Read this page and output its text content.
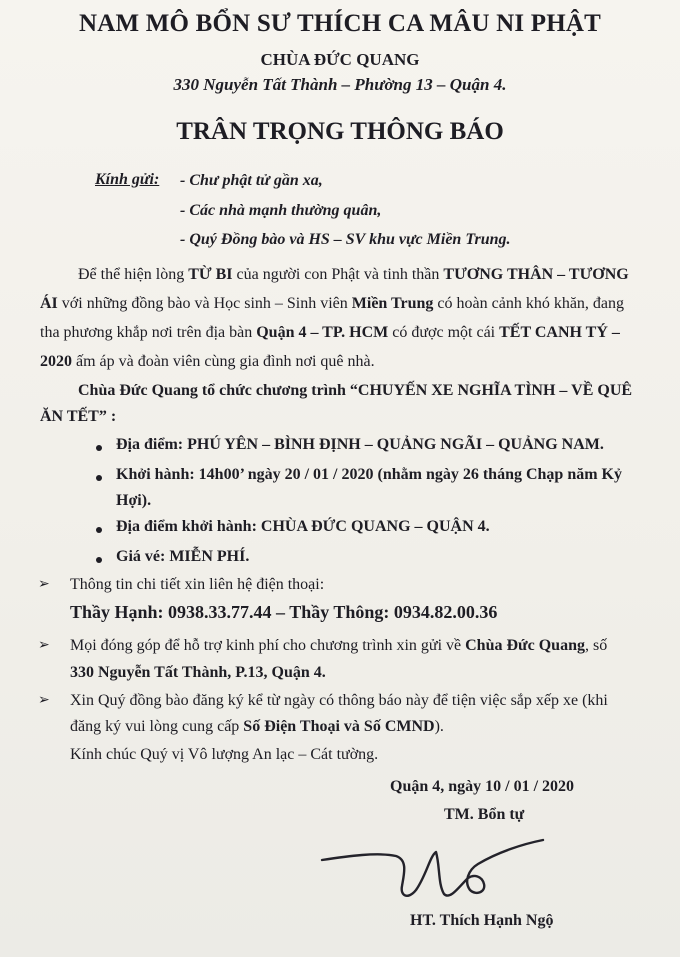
NAM MÔ BỔN SƯ THÍCH CA MÂU NI PHẬT
CHÙA ĐỨC QUANG
330 Nguyễn Tất Thành – Phường 13 – Quận 4.
TRÂN TRỌNG THÔNG BÁO
Kính gửi: - Chư phật tử gần xa,
- Các nhà mạnh thường quân,
- Quý Đồng bào và HS – SV khu vực Miền Trung.
Để thể hiện lòng TỪ BI của người con Phật và tinh thần TƯƠNG THÂN – TƯƠNG
ÁI với những đồng bào và Học sinh – Sinh viên Miền Trung có hoàn cảnh khó khăn, đang
tha phương khắp nơi trên địa bàn Quận 4 – TP. HCM có được một cái TẾT CANH TÝ –
2020 ấm áp và đoàn viên cùng gia đình nơi quê nhà.
Chùa Đức Quang tổ chức chương trình “CHUYẾN XE NGHĨA TÌNH – VỀ QUÊ
ĂN TẾT” :
Địa điểm: PHÚ YÊN – BÌNH ĐỊNH – QUẢNG NGÃI – QUẢNG NAM.
Khởi hành: 14h00’ ngày 20 / 01 / 2020 (nhằm ngày 26 tháng Chạp năm Kỷ
Hợi).
Địa điểm khởi hành: CHÙA ĐỨC QUANG – QUẬN 4.
Giá vé: MIỄN PHÍ.
➢ Thông tin chi tiết xin liên hệ điện thoại:
Thầy Hạnh: 0938.33.77.44 – Thầy Thông: 0934.82.00.36
➢ Mọi đóng góp để hỗ trợ kinh phí cho chương trình xin gửi về Chùa Đức Quang, số
330 Nguyễn Tất Thành, P.13, Quận 4.
➢ Xin Quý đồng bào đăng ký kể từ ngày có thông báo này để tiện việc sắp xếp xe (khi
đăng ký vui lòng cung cấp Số Điện Thoại và Số CMND).
Kính chúc Quý vị Vô lượng An lạc – Cát tường.
Quận 4, ngày 10 / 01 / 2020
TM. Bổn tự
HT. Thích Hạnh Ngộ
